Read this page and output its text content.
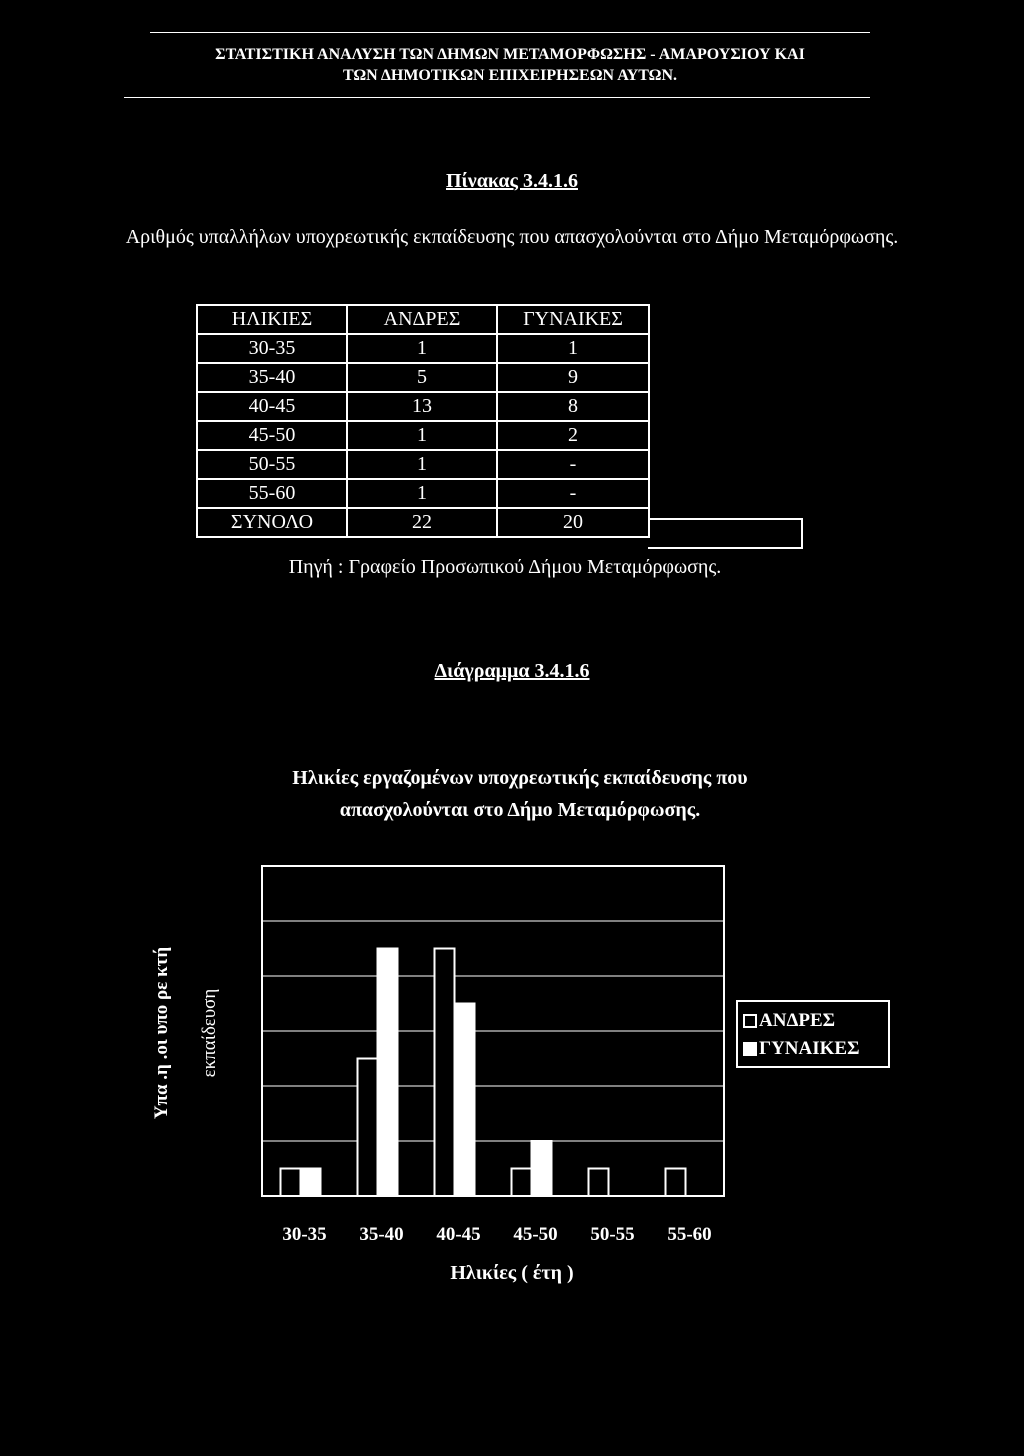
ΣΤΑΤΙΣΤΙΚΗ ΑΝΑΛΥΣΗ ΤΩΝ ΔΗΜΩΝ ΜΕΤΑΜΟΡΦΩΣΗΣ - ΑΜΑΡΟΥΣΙΟΥ ΚΑΙ
ΤΩΝ ΔΗΜΟΤΙΚΩΝ ΕΠΙΧΕΙΡΗΣΕΩΝ ΑΥΤΩΝ.
Πίνακας 3.4.1.6
Αριθμός υπαλλήλων υποχρεωτικής εκπαίδευσης που απασχολούνται στο Δήμο Μεταμόρφωσης.
ΗΛΙΚΙΕΣ	ΑΝΔΡΕΣ	ΓΥΝΑΙΚΕΣ
30-35	1	1
35-40	5	9
40-45	13	8
45-50	1	2
50-55	1	-
55-60	1	-
ΣΥΝΟΛΟ	22	20
Πηγή : Γραφείο Προσωπικού Δήμου Μεταμόρφωσης.
Διάγραμμα 3.4.1.6
Ηλικίες εργαζομένων υποχρεωτικής εκπαίδευσης που
απασχολούνται στο Δήμο Μεταμόρφωσης.
Υπα .η .οι υπο ρε κτή εκπαίδευση
30-35 35-40 40-45 45-50 50-55 55-60
ΑΝΔΡΕΣ
ΓΥΝΑΙΚΕΣ
Ηλικίες ( έτη )
